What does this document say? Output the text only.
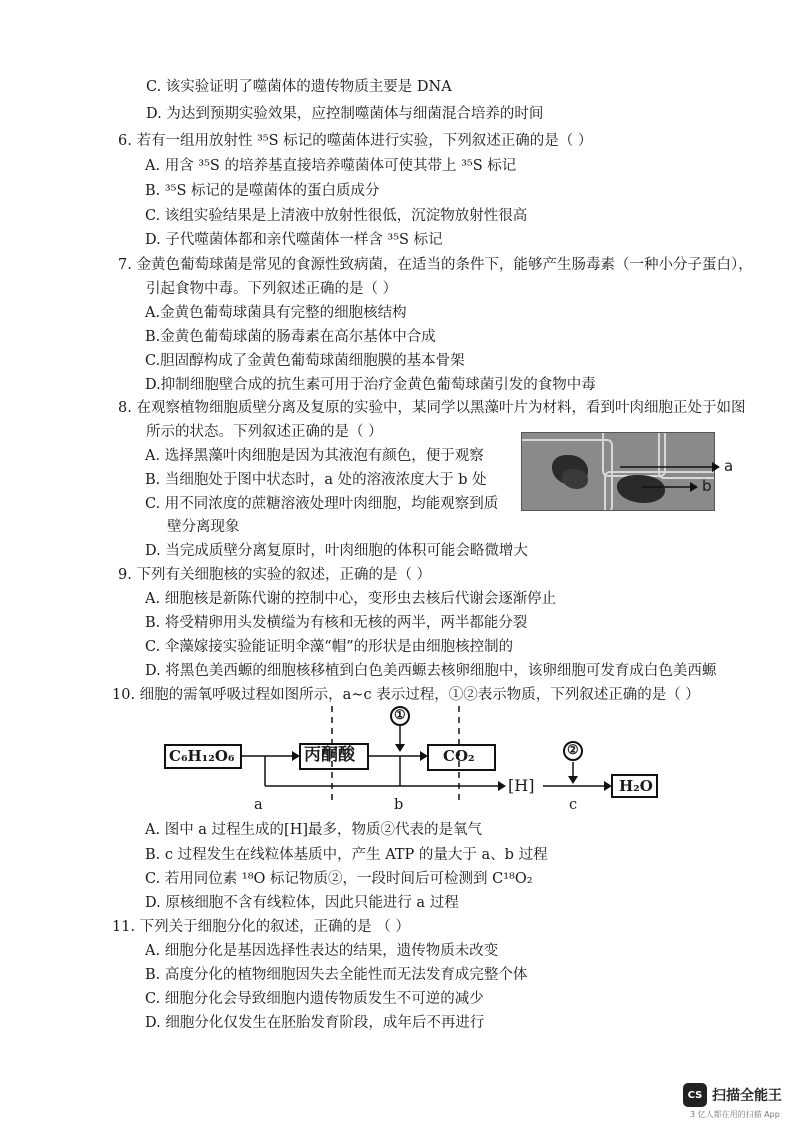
C. 该实验证明了噬菌体的遗传物质主要是 DNA
D. 为达到预期实验效果，应控制噬菌体与细菌混合培养的时间
6. 若有一组用放射性 ³⁵S 标记的噬菌体进行实验，下列叙述正确的是（ ）
A. 用含 ³⁵S 的培养基直接培养噬菌体可使其带上 ³⁵S 标记
B. ³⁵S 标记的是噬菌体的蛋白质成分
C. 该组实验结果是上清液中放射性很低，沉淀物放射性很高
D. 子代噬菌体都和亲代噬菌体一样含 ³⁵S 标记
7. 金黄色葡萄球菌是常见的食源性致病菌，在适当的条件下，能够产生肠毒素（一种小分子蛋白），
引起食物中毒。下列叙述正确的是（ ）
A.金黄色葡萄球菌具有完整的细胞核结构
B.金黄色葡萄球菌的肠毒素在高尔基体中合成
C.胆固醇构成了金黄色葡萄球菌细胞膜的基本骨架
D.抑制细胞壁合成的抗生素可用于治疗金黄色葡萄球菌引发的食物中毒
8. 在观察植物细胞质壁分离及复原的实验中，某同学以黑藻叶片为材料，看到叶肉细胞正处于如图
所示的状态。下列叙述正确的是（ ）
A. 选择黑藻叶肉细胞是因为其液泡有颜色，便于观察
B. 当细胞处于图中状态时，a 处的溶液浓度大于 b 处
C. 用不同浓度的蔗糖溶液处理叶肉细胞，均能观察到质
壁分离现象
D. 当完成质壁分离复原时，叶肉细胞的体积可能会略微增大
a
b
9. 下列有关细胞核的实验的叙述，正确的是（ ）
A. 细胞核是新陈代谢的控制中心，变形虫去核后代谢会逐渐停止
B. 将受精卵用头发横缢为有核和无核的两半，两半都能分裂
C. 伞藻嫁接实验能证明伞藻“帽”的形状是由细胞核控制的
D. 将黑色美西螈的细胞核移植到白色美西螈去核卵细胞中，该卵细胞可发育成白色美西螈
10. 细胞的需氧呼吸过程如图所示，a~c 表示过程，①②表示物质，下列叙述正确的是（ ）
C₆H₁₂O₆	丙酮酸	CO₂
[H]	H₂O
①
②
a	b	c
A. 图中 a 过程生成的[H]最多，物质②代表的是氧气
B. c 过程发生在线粒体基质中，产生 ATP 的量大于 a、b 过程
C. 若用同位素 ¹⁸O 标记物质②，一段时间后可检测到 C¹⁸O₂
D. 原核细胞不含有线粒体，因此只能进行 a 过程
11. 下列关于细胞分化的叙述，正确的是 （ ）
A. 细胞分化是基因选择性表达的结果，遗传物质未改变
B. 高度分化的植物细胞因失去全能性而无法发育成完整个体
C. 细胞分化会导致细胞内遗传物质发生不可逆的减少
D. 细胞分化仅发生在胚胎发育阶段，成年后不再进行
CS 扫描全能王
3 亿人都在用的扫描 App
